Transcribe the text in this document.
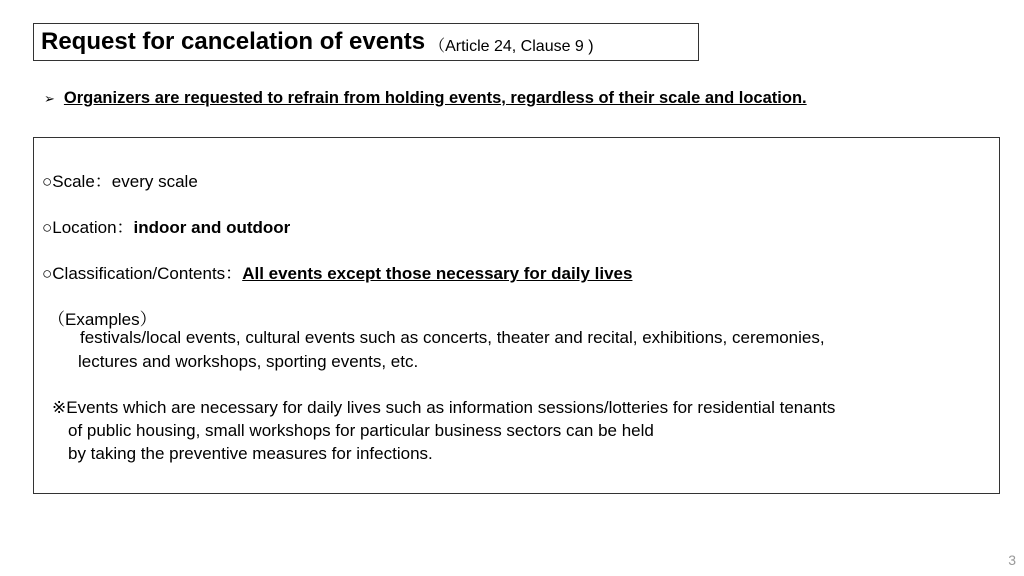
Request for cancelation of events （Article 24, Clause 9 )
➢ Organizers are requested to refrain from holding events, regardless of their scale and location.
○Scale：every scale
○Location：indoor and outdoor
○Classification/Contents：All events except those necessary for daily lives
（Examples）
festivals/local events, cultural events such as concerts, theater and recital, exhibitions, ceremonies,
lectures and workshops, sporting events, etc.
※Events which are necessary for daily lives such as information sessions/lotteries for residential tenants
of public housing, small workshops for particular business sectors can be held
by taking the preventive measures for infections.
3
